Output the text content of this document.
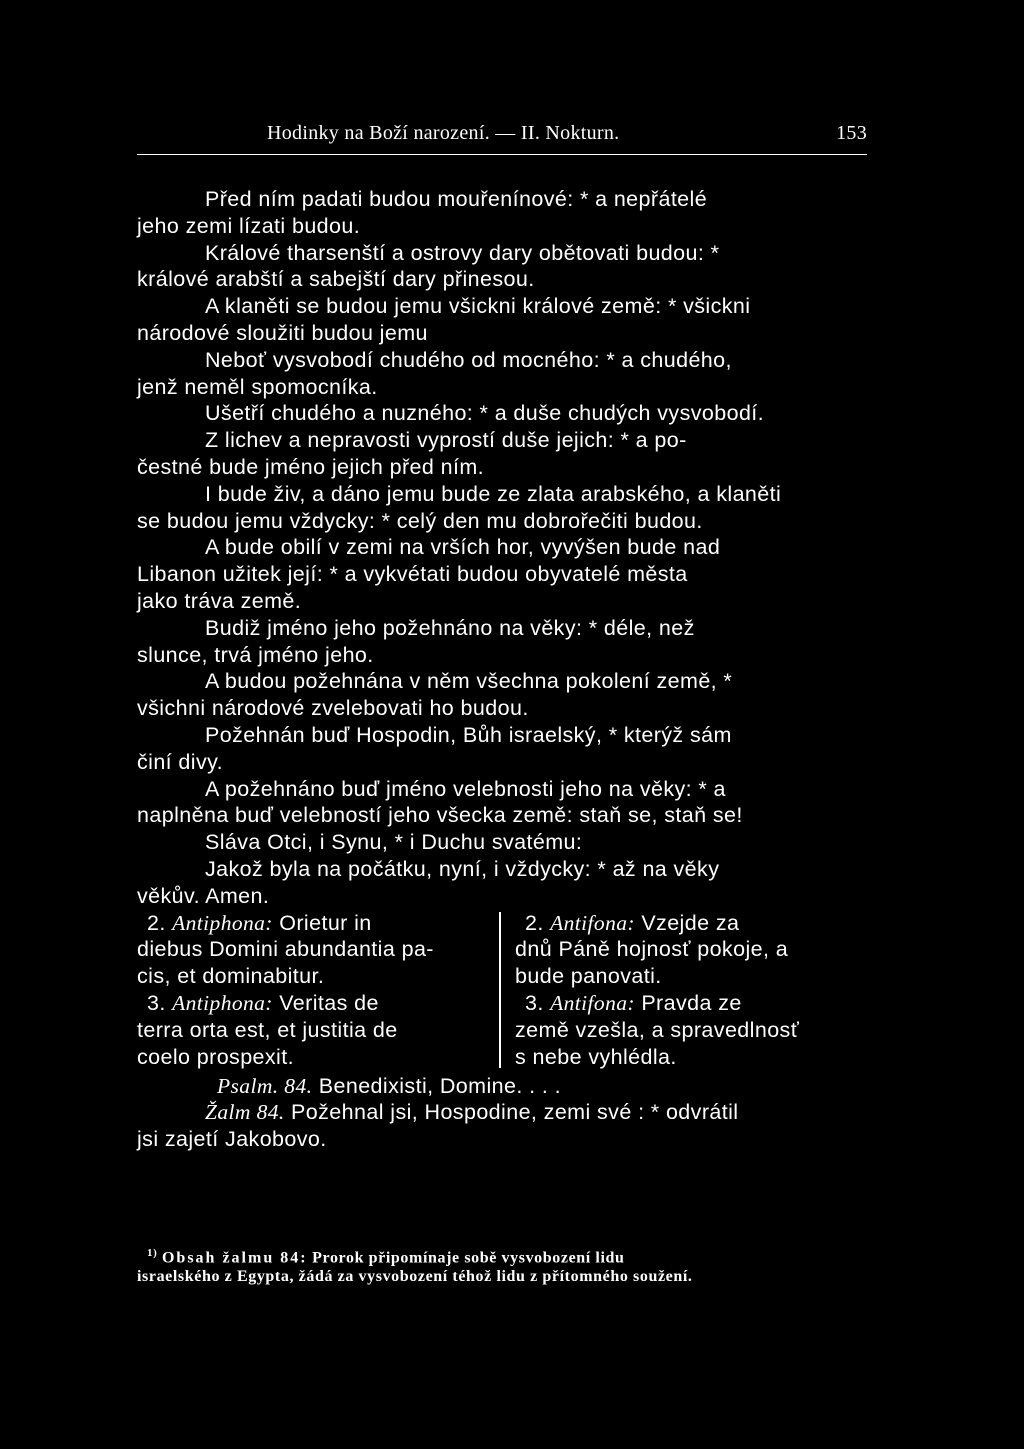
Hodinky na Boží narození. — II. Nokturn.	153
Před ním padati budou mouřenínové: * a nepřátelé
jeho zemi lízati budou.
Králové tharsenští a ostrovy dary obětovati budou: *
králové arabští a sabejští dary přinesou.
A klaněti se budou jemu všickni králové země: * všickni
národové sloužiti budou jemu
Neboť vysvobodí chudého od mocného: * a chudého,
jenž neměl spomocníka.
Ušetří chudého a nuzného: * a duše chudých vysvobodí.
Z lichev a nepravosti vyprostí duše jejich: * a po-
čestné bude jméno jejich před ním.
I bude živ, a dáno jemu bude ze zlata arabského, a klaněti
se budou jemu vždycky: * celý den mu dobrořečiti budou.
A bude obilí v zemi na vrších hor, vyvýšen bude nad
Libanon užitek její: * a vykvétati budou obyvatelé města
jako tráva země.
Budiž jméno jeho požehnáno na věky: * déle, než
slunce, trvá jméno jeho.
A budou požehnána v něm všechna pokolení země, *
všichni národové zvelebovati ho budou.
Požehnán buď Hospodin, Bůh israelský, * kterýž sám
činí divy.
A požehnáno buď jméno velebnosti jeho na věky: * a
naplněna buď velebností jeho všecka země: staň se, staň se!
Sláva Otci, i Synu, * i Duchu svatému:
Jakož byla na počátku, nyní, i vždycky: * až na věky
věkův. Amen.
2. Antiphona: Orietur in
diebus Domini abundantia pa-
cis, et dominabitur.
3. Antiphona: Veritas de
terra orta est, et justitia de
coelo prospexit.
2. Antifona: Vzejde za
dnů Páně hojnosť pokoje, a
bude panovati.
3. Antifona: Pravda ze
země vzešla, a spravedlnosť
s nebe vyhlédla.
Psalm. 84. Benedixisti, Domine. . . .
Žalm 84. Požehnal jsi, Hospodine, zemi své : * odvrátil
jsi zajetí Jakobovo.
$^{1)}$ Obsah žalmu 84: Prorok připomínaje sobě vysvobození lidu
israelského z Egypta, žádá za vysvobození téhož lidu z přítomného soužení.
